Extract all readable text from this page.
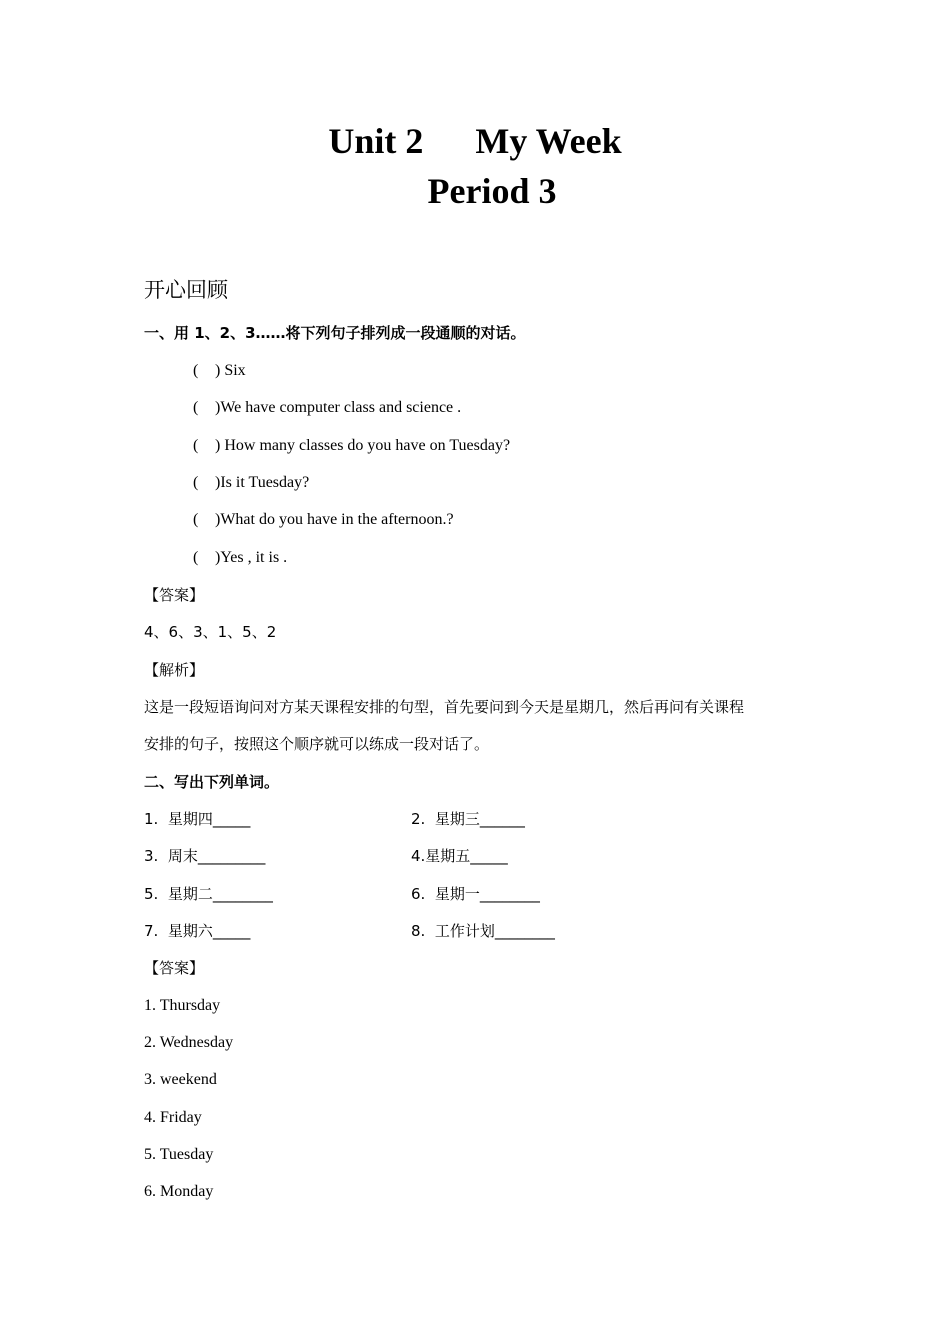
Unit 2 My Week
Period 3
开心回顾
一、用 1、2、3……将下列句子排列成一段通顺的对话。
( ) Six
( )We have computer class and science .
( ) How many classes do you have on Tuesday?
( )Is it Tuesday?
( )What do you have in the afternoon.?
( )Yes , it is .
【答案】
4、6、3、1、5、2
【解析】
这是一段短语询问对方某天课程安排的句型，首先要问到今天是星期几，然后再问有关课程
安排的句子，按照这个顺序就可以练成一段对话了。
二、写出下列单词。
1.  星期四_____	2.  星期三______
3.  周末_________	4.星期五_____
5.  星期二________	6.  星期一________
7.  星期六_____	8.  工作计划________
【答案】
1. Thursday
2. Wednesday
3. weekend
4. Friday
5. Tuesday
6. Monday
